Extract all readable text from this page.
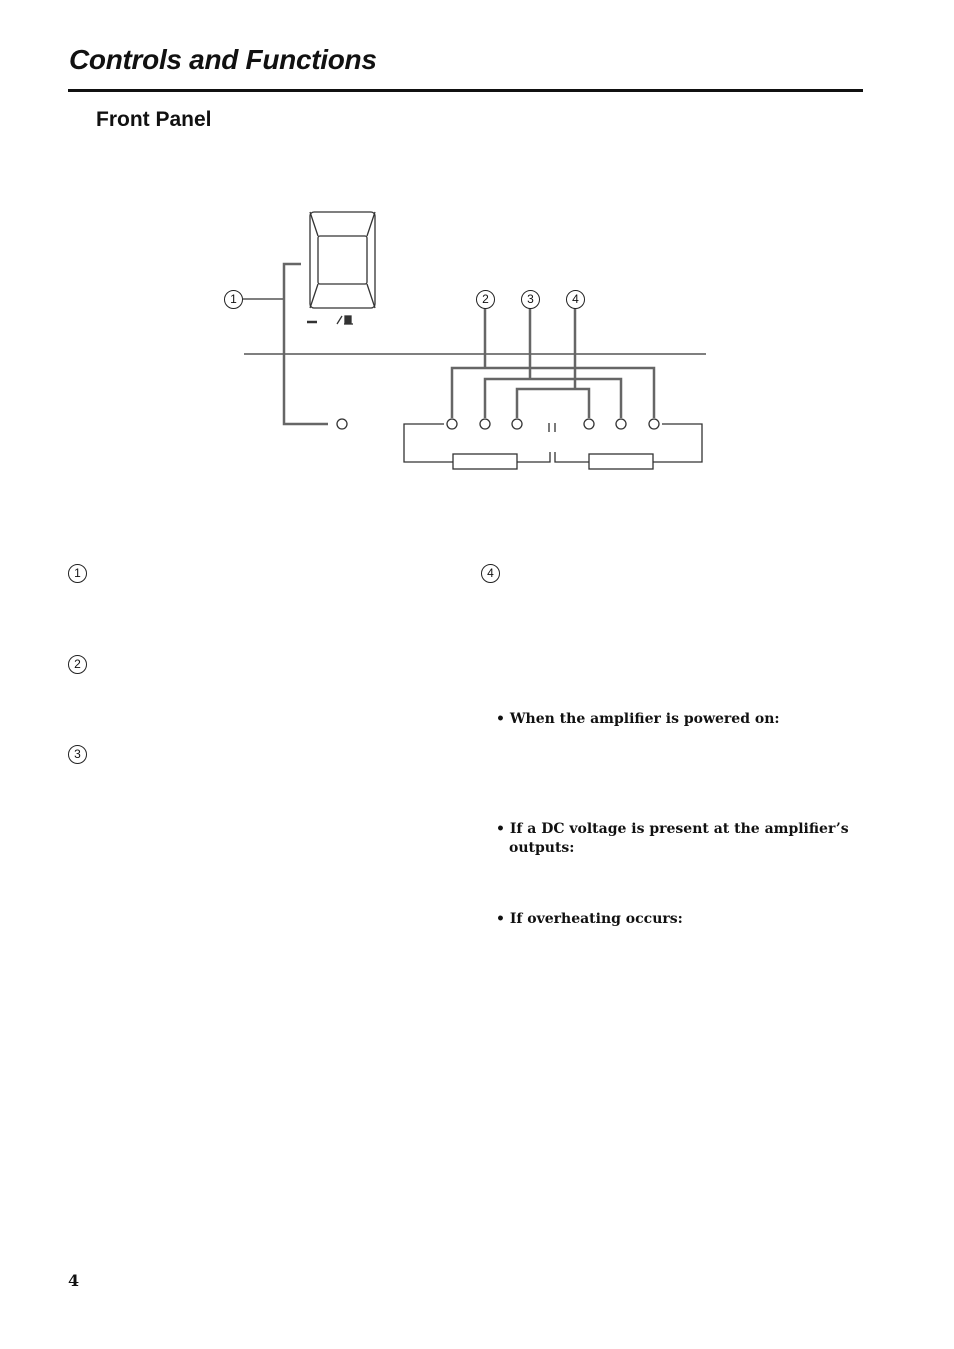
Controls and Functions
Front Panel
1	2	3	4
1
2
3
4
• When the amplifier is powered on:
• If a DC voltage is present at the amplifier’s
outputs:
• If overheating occurs:
4
